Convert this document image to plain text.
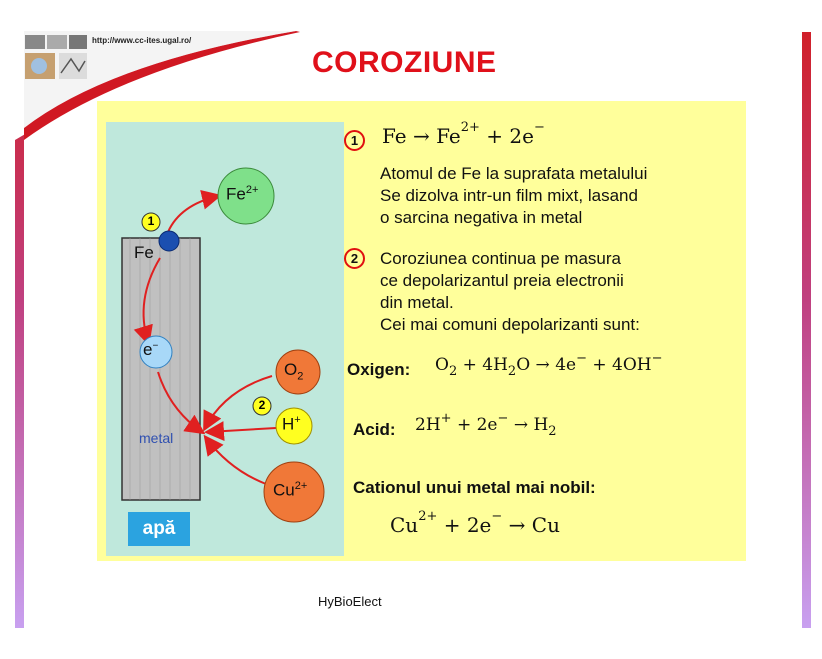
http://www.cc-ites.ugal.ro/
COROZIUNE
1
2
Fe
e−
metal
apă
$Fe^{2+}$
$O_2$
H+
$Cu^{2+}$
1	$Fe \to Fe^{2+} + 2e^-$
Atomul de Fe la suprafata metalului
Se dizolva intr-un film mixt, lasand
o sarcina negativa in metal
2	Coroziunea continua pe masura
ce depolarizantul preia electronii
din metal.
Cei mai comuni depolarizanti sunt:
Oxigen: $O_2 + 4H_2O \to 4e^- + 4OH^-$
Acid: $2H^+ + 2e^- \to H_2$
Cationul unui metal mai nobil:
$Cu^{2+} + 2e^- \to Cu$
HyBioElect
